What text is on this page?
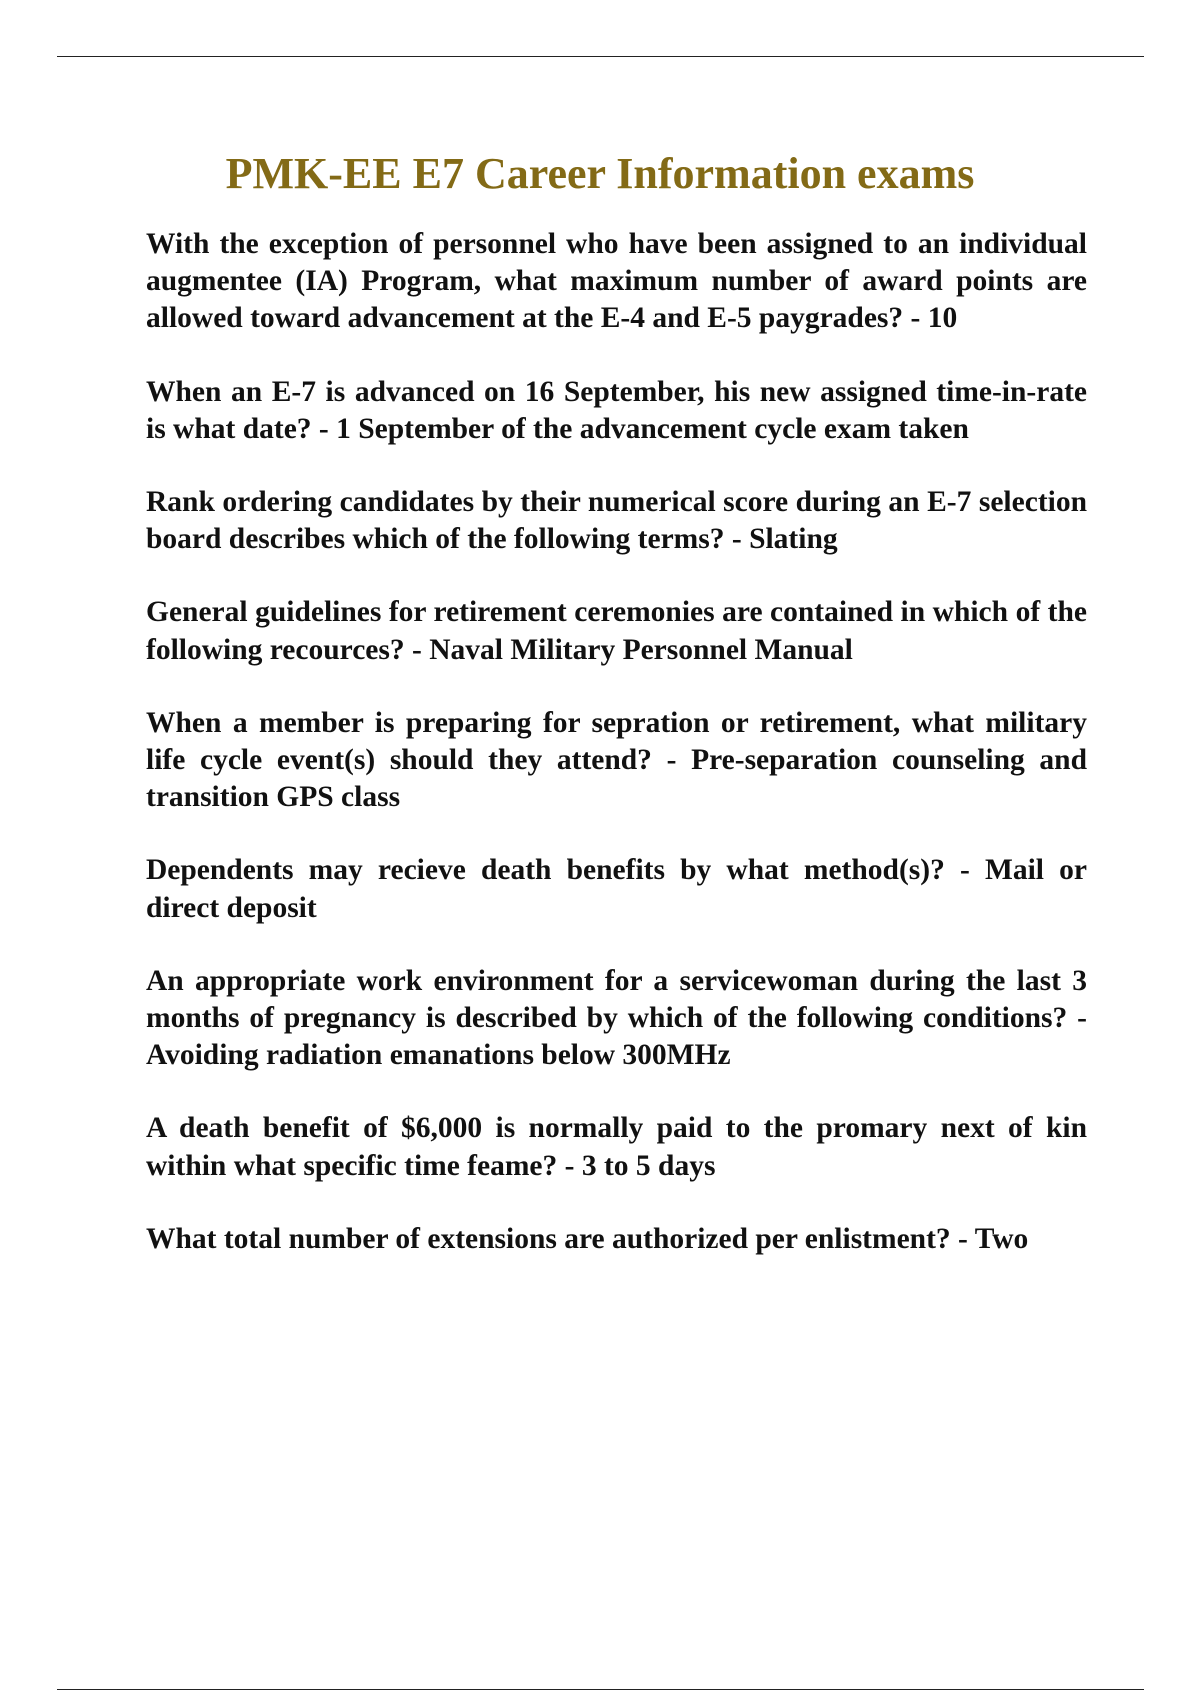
PMK-EE E7 Career Information exams

With the exception of personnel who have been assigned to an individual augmentee (IA) Program, what maximum number of award points are allowed toward advancement at the E-4 and E-5 paygrades? - 10

When an E-7 is advanced on 16 September, his new assigned time-in-rate is what date? - 1 September of the advancement cycle exam taken

Rank ordering candidates by their numerical score during an E-7 selection board describes which of the following terms? - Slating

General guidelines for retirement ceremonies are contained in which of the following recources? - Naval Military Personnel Manual

When a member is preparing for sepration or retirement, what military life cycle event(s) should they attend? - Pre-separation counseling and transition GPS class

Dependents may recieve death benefits by what method(s)? - Mail or direct deposit

An appropriate work environment for a servicewoman during the last 3 months of pregnancy is described by which of the following conditions? - Avoiding radiation emanations below 300MHz

A death benefit of $6,000 is normally paid to the promary next of kin within what specific time feame? - 3 to 5 days

What total number of extensions are authorized per enlistment? - Two
